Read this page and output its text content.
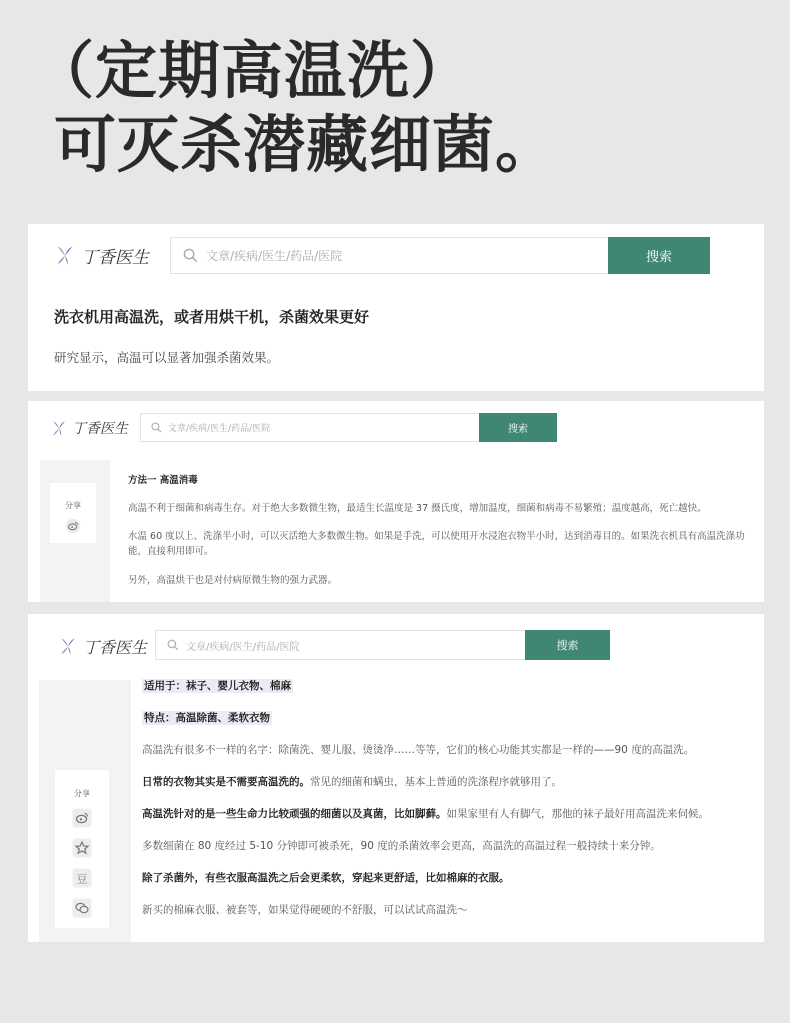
（定期高温洗）
可灭杀潜藏细菌。
丁香医生	文章/疾病/医生/药品/医院	搜索
洗衣机用高温洗，或者用烘干机，杀菌效果更好
研究显示，高温可以显著加强杀菌效果。
丁香医生	文章/疾病/医生/药品/医院	搜索
分享
方法一 高温消毒
高温不利于细菌和病毒生存。对于绝大多数微生物，最适生长温度是 37 摄氏度，增加温度，细菌和病毒不易繁殖；温度越高，死亡越快。
水温 60 度以上、洗涤半小时，可以灭活绝大多数微生物。如果是手洗，可以使用开水浸泡衣物半小时，达到消毒目的。如果洗衣机具有高温洗涤功能，直接利用即可。
另外，高温烘干也是对付病原微生物的强力武器。
丁香医生	文章/疾病/医生/药品/医院	搜索
分享
豆
适用于：袜子、婴儿衣物、棉麻
特点：高温除菌、柔软衣物
高温洗有很多不一样的名字：除菌洗、婴儿服、烫烫净……等等，它们的核心功能其实都是一样的——90 度的高温洗。
日常的衣物其实是不需要高温洗的。常见的细菌和螨虫，基本上普通的洗涤程序就够用了。
高温洗针对的是一些生命力比较顽强的细菌以及真菌，比如脚藓。如果家里有人有脚气，那他的袜子最好用高温洗来伺候。
多数细菌在 80 度经过 5-10 分钟即可被杀死，90 度的杀菌效率会更高，高温洗的高温过程一般持续十来分钟。
除了杀菌外，有些衣服高温洗之后会更柔软，穿起来更舒适，比如棉麻的衣服。
新买的棉麻衣服、被套等，如果觉得硬硬的不舒服，可以试试高温洗～
